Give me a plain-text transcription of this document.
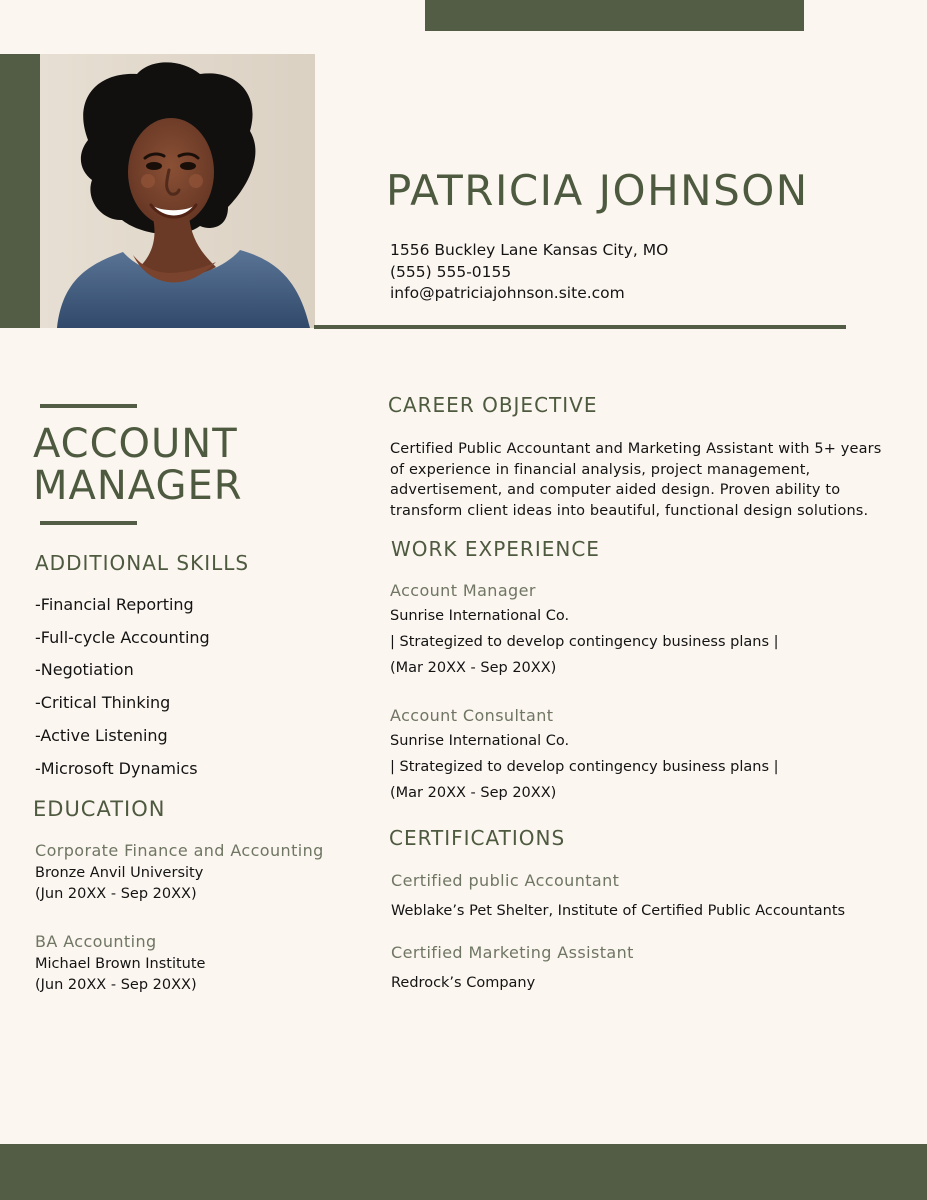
PATRICIA JOHNSON
1556 Buckley Lane Kansas City, MO
(555) 555-0155
info@patriciajohnson.site.com
ACCOUNT
MANAGER
ADDITIONAL SKILLS
-Financial Reporting
-Full-cycle Accounting
-Negotiation
-Critical Thinking
-Active Listening
-Microsoft Dynamics
EDUCATION
Corporate Finance and Accounting
Bronze Anvil University
(Jun 20XX - Sep 20XX)
BA Accounting
Michael Brown Institute
(Jun 20XX - Sep 20XX)
CAREER OBJECTIVE
Certified Public Accountant and Marketing Assistant with 5+ years of experience in financial analysis, project management, advertisement, and computer aided design. Proven ability to transform client ideas into beautiful, functional design solutions.
WORK EXPERIENCE
Account Manager
Sunrise International Co.
| Strategized to develop contingency business plans |
(Mar 20XX - Sep 20XX)
Account Consultant
Sunrise International Co.
| Strategized to develop contingency business plans |
(Mar 20XX - Sep 20XX)
CERTIFICATIONS
Certified public Accountant
Weblake’s Pet Shelter, Institute of Certified Public Accountants
Certified Marketing Assistant
Redrock’s Company
